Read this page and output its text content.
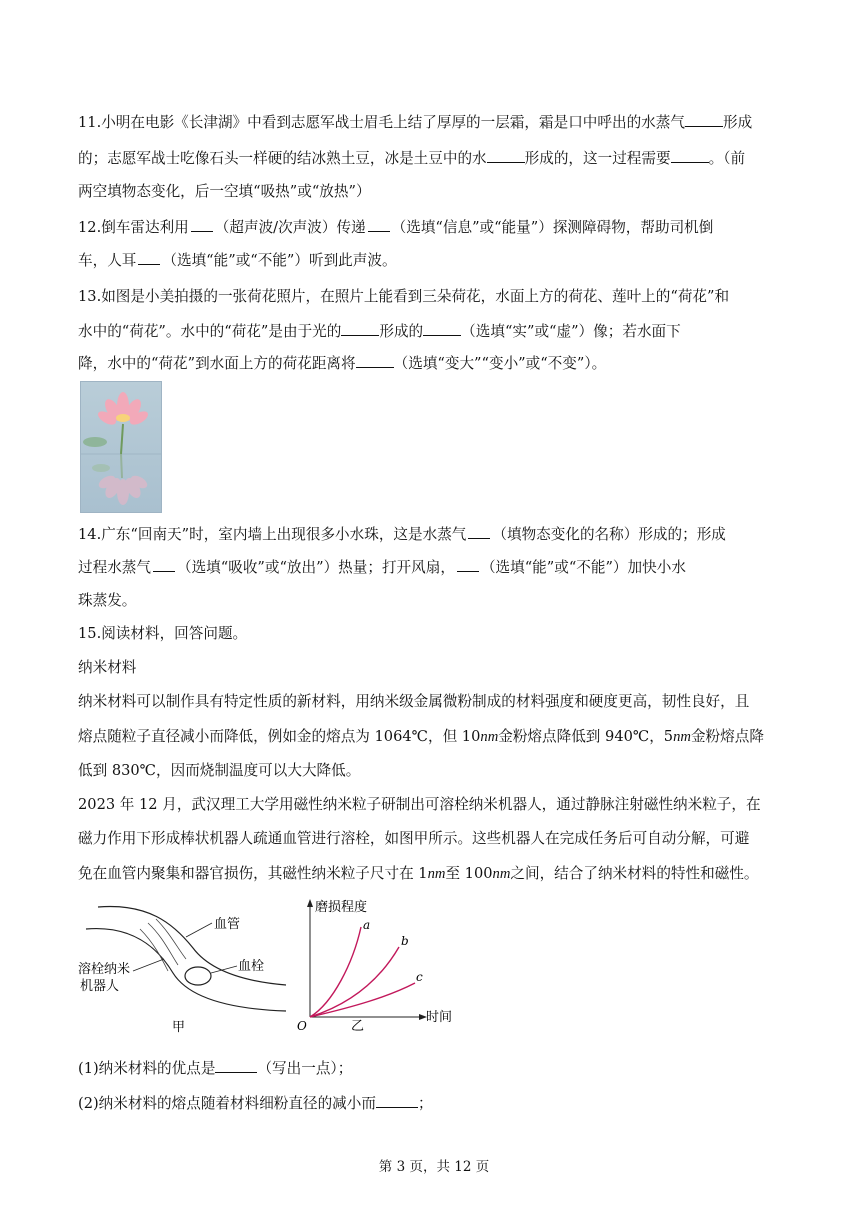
11.小明在电影《长津湖》中看到志愿军战士眉毛上结了厚厚的一层霜，霜是口中呼出的水蒸气	形成
的；志愿军战士吃像石头一样硬的结冰熟土豆，冰是土豆中的水	形成的，这一过程需要	。（前
两空填物态变化，后一空填“吸热”或“放热”）
12.倒车雷达利用 （超声波/次声波）传递 （选填“信息”或“能量”）探测障碍物，帮助司机倒
车，人耳 （选填“能”或“不能”）听到此声波。
13.如图是小美拍摄的一张荷花照片，在照片上能看到三朵荷花，水面上方的荷花、莲叶上的“荷花”和
水中的“荷花”。水中的“荷花”是由于光的	形成的	（选填“实”或“虚”）像；若水面下
降，水中的“荷花”到水面上方的荷花距离将	（选填“变大”“变小”或“不变”）。
14.广东“回南天”时，室内墙上出现很多小水珠，这是水蒸气 （填物态变化的名称）形成的；形成
过程水蒸气 （选填“吸收”或“放出”）热量；打开风扇， （选填“能”或“不能”）加快小水
珠蒸发。
15.阅读材料，回答问题。
纳米材料
纳米材料可以制作具有特定性质的新材料，用纳米级金属微粉制成的材料强度和硬度更高，韧性良好，且
熔点随粒子直径减小而降低，例如金的熔点为 1064℃，但 10nm金粉熔点降低到 940℃，5nm金粉熔点降
低到 830℃，因而烧制温度可以大大降低。
2023 年 12 月，武汉理工大学用磁性纳米粒子研制出可溶栓纳米机器人，通过静脉注射磁性纳米粒子，在
磁力作用下形成棒状机器人疏通血管进行溶栓，如图甲所示。这些机器人在完成任务后可自动分解，可避
免在血管内聚集和器官损伤，其磁性纳米粒子尺寸在 1nm至 100nm之间，结合了纳米材料的特性和磁性。
血管
血栓
溶栓纳米
机器人
甲
a
b
c
磨损程度
时间
O	乙
(1)纳米材料的优点是	（写出一点）；
(2)纳米材料的熔点随着材料细粉直径的减小而	；
第 3 页，共 12 页
